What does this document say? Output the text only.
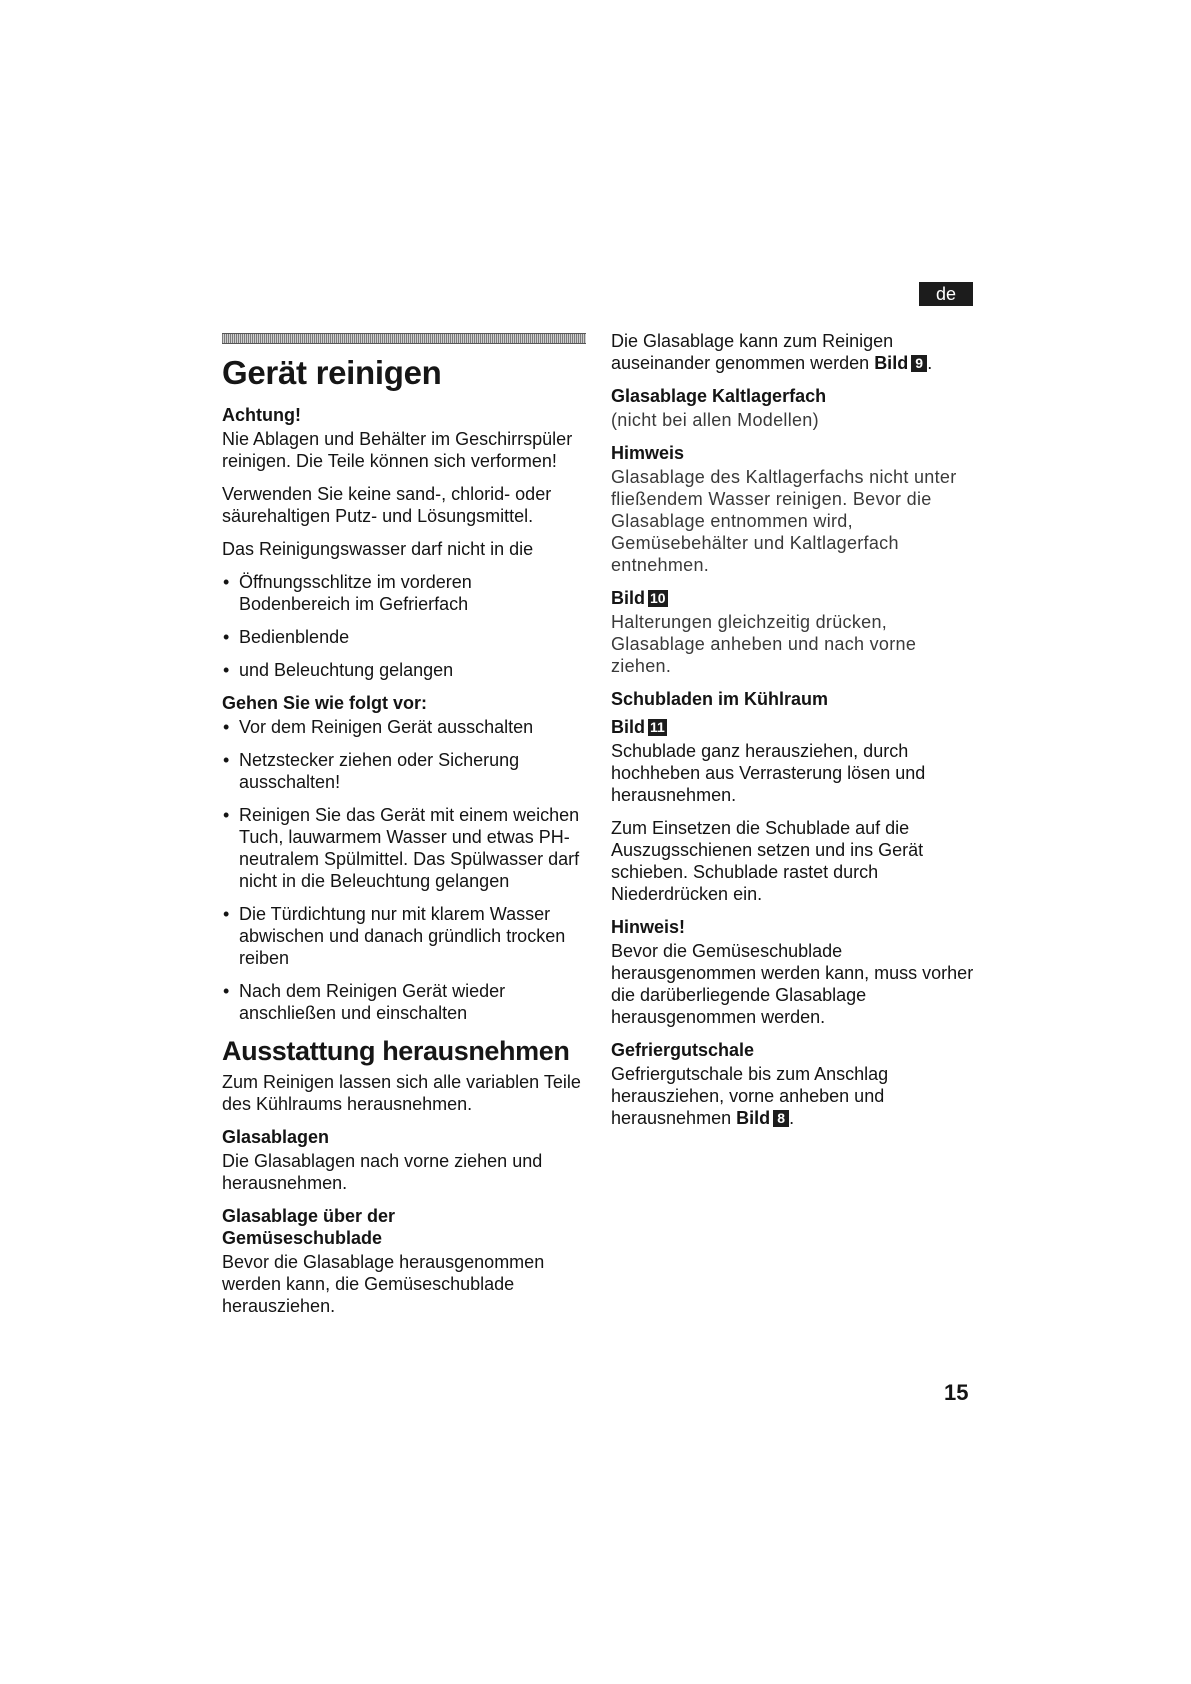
de
Gerät reinigen
Achtung!

Nie Ablagen und Behälter im Geschirrspüler reinigen. Die Teile können sich verformen!

Verwenden Sie keine sand-, chlorid- oder säurehaltigen Putz- und Lösungsmittel.

Das Reinigungswasser darf nicht in die

• Öffnungsschlitze im vorderen Bodenbereich im Gefrierfach
• Bedienblende
• und Beleuchtung gelangen
Gehen Sie wie folgt vor:
• Vor dem Reinigen Gerät ausschalten
• Netzstecker ziehen oder Sicherung ausschalten!
• Reinigen Sie das Gerät mit einem weichen Tuch, lauwarmem Wasser und etwas PH-neutralem Spülmittel. Das Spülwasser darf nicht in die Beleuchtung gelangen
• Die Türdichtung nur mit klarem Wasser abwischen und danach gründlich trocken reiben
• Nach dem Reinigen Gerät wieder anschließen und einschalten
Ausstattung herausnehmen

Zum Reinigen lassen sich alle variablen Teile des Kühlraums herausnehmen.

Glasablagen

Die Glasablagen nach vorne ziehen und herausnehmen.

Glasablage über der
Gemüseschublade

Bevor die Glasablage herausgenommen werden kann, die Gemüseschublade herausziehen.

Die Glasablage kann zum Reinigen auseinander genommen werden Bild 9 .

Glasablage Kaltlagerfach

(nicht bei allen Modellen)

Himweis

Glasablage des Kaltlagerfachs nicht unter fließendem Wasser reinigen. Bevor die Glasablage entnommen wird, Gemüsebehälter und Kaltlagerfach entnehmen.

Bild 10

Halterungen gleichzeitig drücken, Glasablage anheben und nach vorne ziehen.

Schubladen im Kühlraum
Bild 11

Schublade ganz herausziehen, durch hochheben aus Verrasterung lösen und herausnehmen.

Zum Einsetzen die Schublade auf die Auszugsschienen setzen und ins Gerät schieben. Schublade rastet durch Niederdrücken ein.

Hinweis!

Bevor die Gemüseschublade herausgenommen werden kann, muss vorher die darüberliegende Glasablage herausgenommen werden.

Gefriergutschale

Gefriergutschale bis zum Anschlag herausziehen, vorne anheben und herausnehmen Bild 8 .

15
